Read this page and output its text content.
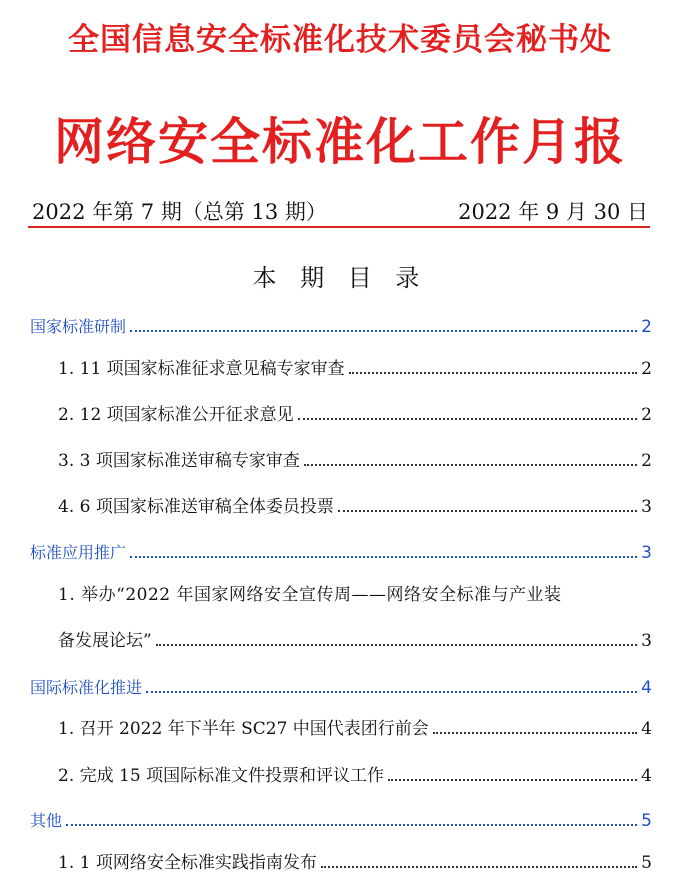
全国信息安全标准化技术委员会秘书处
网络安全标准化工作月报
2022 年第 7 期（总第 13 期）	2022 年 9 月 30 日
本 期 目 录
国家标准研制	2
1. 11 项国家标准征求意见稿专家审查	2
2. 12 项国家标准公开征求意见	2
3. 3 项国家标准送审稿专家审查	2
4. 6 项国家标准送审稿全体委员投票	3
标准应用推广	3
1. 举办“2022 年国家网络安全宣传周——网络安全标准与产业装
备发展论坛”	3
国际标准化推进	4
1. 召开 2022 年下半年 SC27 中国代表团行前会	4
2. 完成 15 项国际标准文件投票和评议工作	4
其他	5
1. 1 项网络安全标准实践指南发布	5
